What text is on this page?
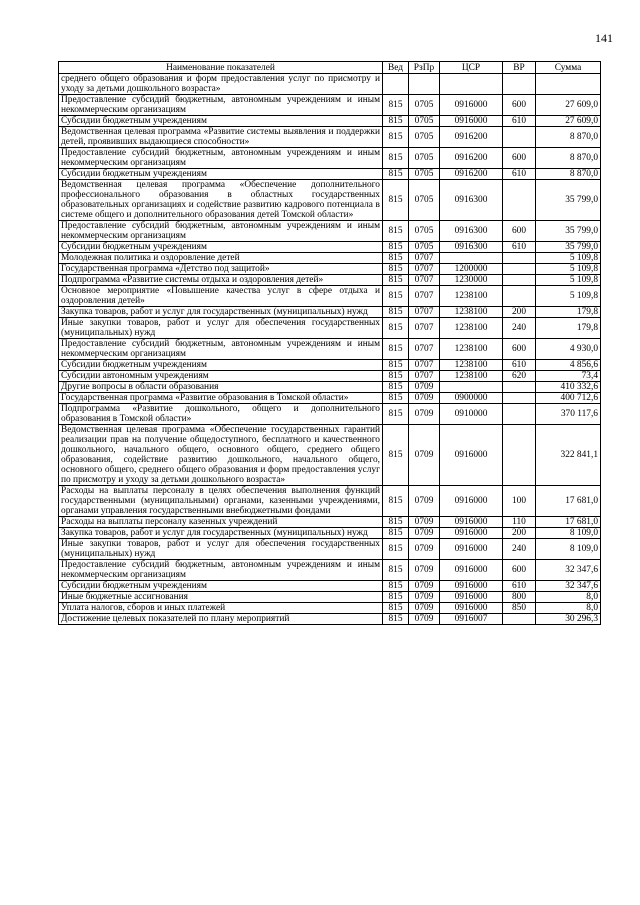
141
Наименование показателей	Вед	РзПр	ЦСР	ВР	Сумма
среднего общего образования и форм предоставления услуг по присмотру и уходу за детьми дошкольного возраста»					
Предоставление субсидий бюджетным, автономным учреждениям и иным некоммерческим организациям	815	0705	0916000	600	27 609,0
Субсидии бюджетным учреждениям	815	0705	0916000	610	27 609,0
Ведомственная целевая программа «Развитие системы выявления и поддержки детей, проявивших выдающиеся способности»	815	0705	0916200		8 870,0
Предоставление субсидий бюджетным, автономным учреждениям и иным некоммерческим организациям	815	0705	0916200	600	8 870,0
Субсидии бюджетным учреждениям	815	0705	0916200	610	8 870,0
Ведомственная целевая программа «Обеспечение дополнительного профессионального образования в областных государственных образовательных организациях и содействие развитию кадрового потенциала в системе общего и дополнительного образования детей Томской области»	815	0705	0916300		35 799,0
Предоставление субсидий бюджетным, автономным учреждениям и иным некоммерческим организациям	815	0705	0916300	600	35 799,0
Субсидии бюджетным учреждениям	815	0705	0916300	610	35 799,0
Молодежная политика и оздоровление детей	815	0707			5 109,8
Государственная программа «Детство под защитой»	815	0707	1200000		5 109,8
Подпрограмма «Развитие системы отдыха и оздоровления детей»	815	0707	1230000		5 109,8
Основное мероприятие «Повышение качества услуг в сфере отдыха и оздоровления детей»	815	0707	1238100		5 109,8
Закупка товаров, работ и услуг для государственных (муниципальных) нужд	815	0707	1238100	200	179,8
Иные закупки товаров, работ и услуг для обеспечения государственных (муниципальных) нужд	815	0707	1238100	240	179,8
Предоставление субсидий бюджетным, автономным учреждениям и иным некоммерческим организациям	815	0707	1238100	600	4 930,0
Субсидии бюджетным учреждениям	815	0707	1238100	610	4 856,6
Субсидии автономным учреждениям	815	0707	1238100	620	73,4
Другие вопросы в области образования	815	0709			410 332,6
Государственная программа «Развитие образования в Томской области»	815	0709	0900000		400 712,6
Подпрограмма «Развитие дошкольного, общего и дополнительного образования в Томской области»	815	0709	0910000		370 117,6
Ведомственная целевая программа «Обеспечение государственных гарантий реализации прав на получение общедоступного, бесплатного и качественного дошкольного, начального общего, основного общего, среднего общего образования, содействие развитию дошкольного, начального общего, основного общего, среднего общего образования и форм предоставления услуг по присмотру и уходу за детьми дошкольного возраста»	815	0709	0916000		322 841,1
Расходы на выплаты персоналу в целях обеспечения выполнения функций государственными (муниципальными) органами, казенными учреждениями, органами управления государственными внебюджетными фондами	815	0709	0916000	100	17 681,0
Расходы на выплаты персоналу казенных учреждений	815	0709	0916000	110	17 681,0
Закупка товаров, работ и услуг для государственных (муниципальных) нужд	815	0709	0916000	200	8 109,0
Иные закупки товаров, работ и услуг для обеспечения государственных (муниципальных) нужд	815	0709	0916000	240	8 109,0
Предоставление субсидий бюджетным, автономным учреждениям и иным некоммерческим организациям	815	0709	0916000	600	32 347,6
Субсидии бюджетным учреждениям	815	0709	0916000	610	32 347,6
Иные бюджетные ассигнования	815	0709	0916000	800	8,0
Уплата налогов, сборов и иных платежей	815	0709	0916000	850	8,0
Достижение целевых показателей по плану мероприятий	815	0709	0916007		30 296,3
